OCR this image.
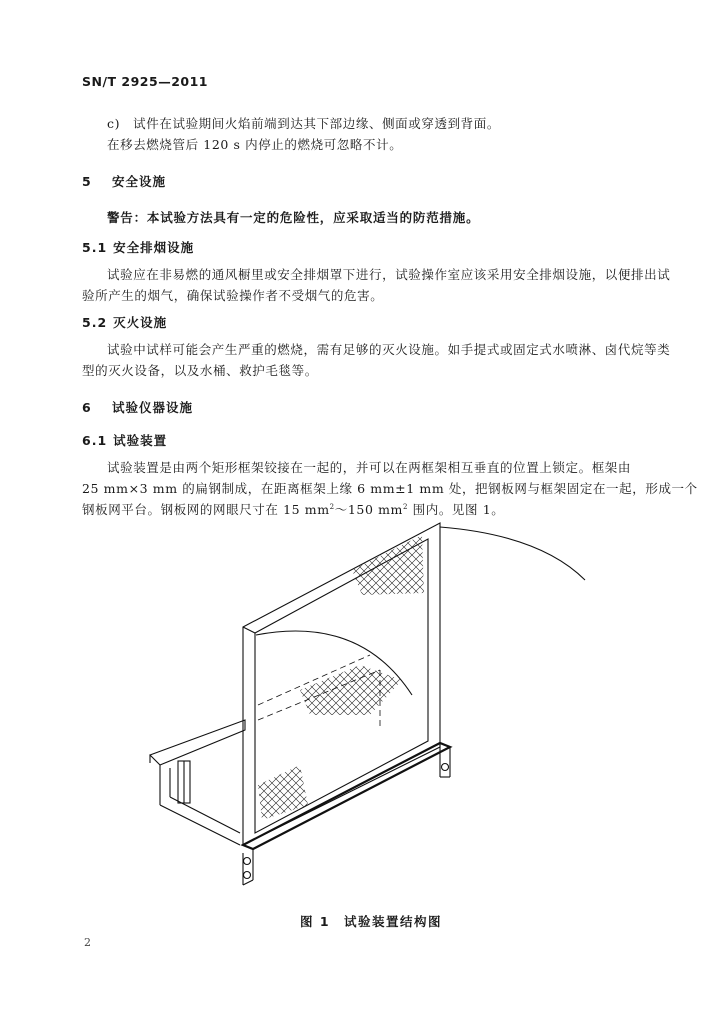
SN/T 2925—2011
c)　试件在试验期间火焰前端到达其下部边缘、侧面或穿透到背面。
在移去燃烧管后 120 s 内停止的燃烧可忽略不计。
5 安全设施
警告：本试验方法具有一定的危险性，应采取适当的防范措施。
5.1 安全排烟设施
试验应在非易燃的通风橱里或安全排烟罩下进行，试验操作室应该采用安全排烟设施，以便排出试
验所产生的烟气，确保试验操作者不受烟气的危害。
5.2 灭火设施
试验中试样可能会产生严重的燃烧，需有足够的灭火设施。如手提式或固定式水喷淋、卤代烷等类
型的灭火设备，以及水桶、救护毛毯等。
6 试验仪器设施
6.1 试验装置
试验装置是由两个矩形框架铰接在一起的，并可以在两框架相互垂直的位置上锁定。框架由
25 mm×3 mm 的扁钢制成，在距离框架上缘 6 mm±1 mm 处，把钢板网与框架固定在一起，形成一个
钢板网平台。钢板网的网眼尺寸在 15 $mm^2\sim 150$ $mm^2$ 围内。见图 1。
图 1　试验装置结构图
2
